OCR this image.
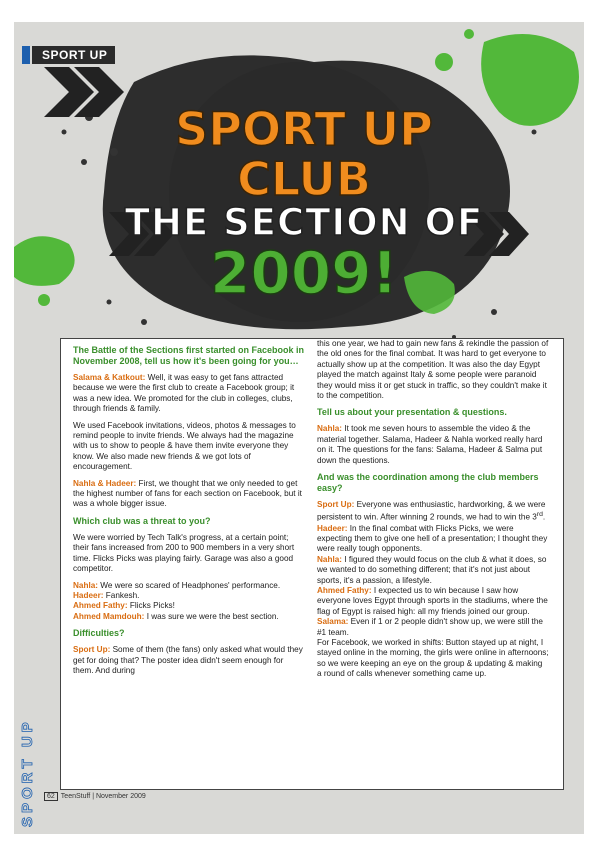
SPORT UP
SPORT UP
CLUB
THE SECTION OF
2009!

The Battle of the Sections first started on Facebook in November 2008, tell us how it's been going for you…

Salama & Katkout: Well, it was easy to get fans attracted because we were the first club to create a Facebook group; it was a new idea. We promoted for the club in colleges, clubs, through friends & family.

We used Facebook invitations, videos, photos & messages to remind people to invite friends. We always had the magazine with us to show to people & have them invite everyone they know. We also made new friends & we got lots of encouragement.

Nahla & Hadeer: First, we thought that we only needed to get the highest number of fans for each section on Facebook, but it was a whole bigger issue.

Which club was a threat to you?

We were worried by Tech Talk's progress, at a certain point; their fans increased from 200 to 900 members in a very short time. Flicks Picks was playing fairly. Garage was also a good competitor.

Nahla: We were so scared of Headphones' performance.

Hadeer: Fankesh.

Ahmed Fathy: Flicks Picks!

Ahmed Mamdouh: I was sure we were the best section.

Difficulties?

Sport Up: Some of them (the fans) only asked what would they get for doing that? The poster idea didn't seem enough for them. And during

this one year, we had to gain new fans & rekindle the passion of the old ones for the final combat. It was hard to get everyone to actually show up at the competition. It was also the day Egypt played the match against Italy & some people were paranoid they would miss it or get stuck in traffic, so they couldn't make it to the competition.

Tell us about your presentation & questions.

Nahla: It took me seven hours to assemble the video & the material together. Salama, Hadeer & Nahla worked really hard on it. The questions for the fans: Salama, Hadeer & Salma put down the questions.

And was the coordination among the club members easy?

Sport Up: Everyone was enthusiastic, hardworking, & we were persistent to win. After winning 2 rounds, we had to win the 3rd. Hadeer: In the final combat with Flicks Picks, we were expecting them to give one hell of a presentation; I thought they were really tough opponents.

Nahla: I figured they would focus on the club & what it does, so we wanted to do something different; that it's not just about sports, it's a passion, a lifestyle.

Ahmed Fathy: I expected us to win because I saw how everyone loves Egypt through sports in the stadiums, where the flag of Egypt is raised high: all my friends joined our group.

Salama: Even if 1 or 2 people didn't show up, we were still the #1 team.

For Facebook, we worked in shifts: Button stayed up at night, I stayed online in the morning, the girls were online in afternoons; so we were keeping an eye on the group & updating & making a round of calls whenever something came up.

SPORT UP	62 TeenStuff | November 2009
